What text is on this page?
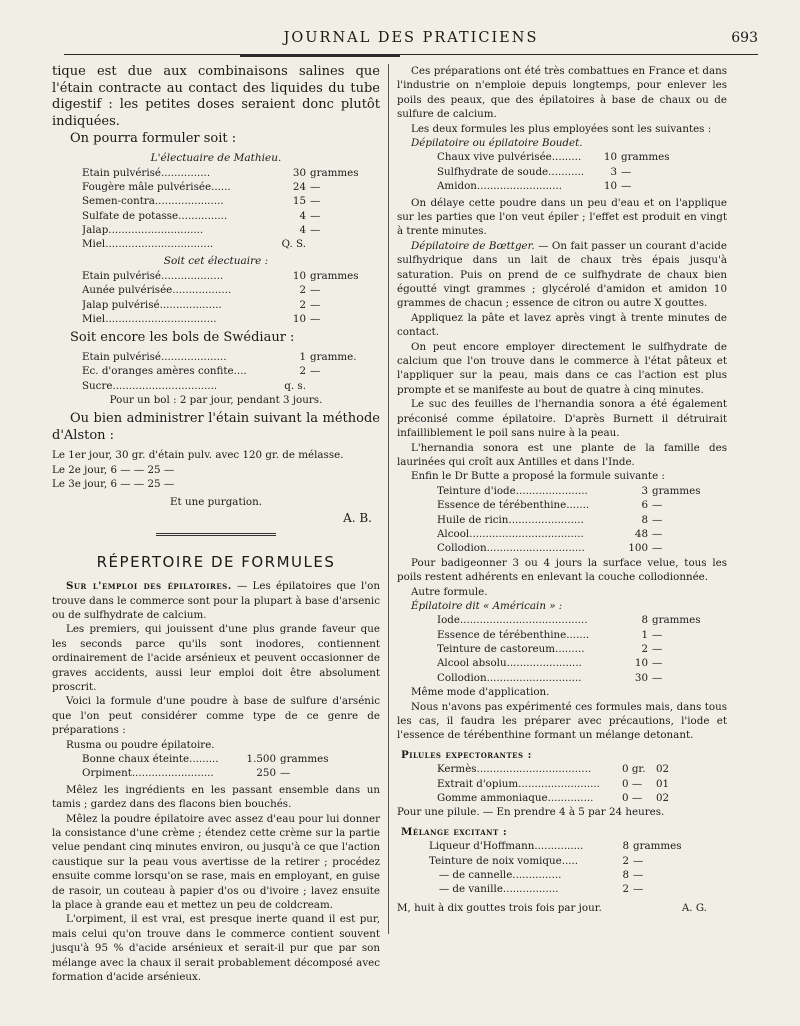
JOURNAL DES PRATICIENS	693

tique est due aux combinaisons salines que l'étain contracte au contact des liquides du tube digestif : les petites doses seraient donc plutôt indiquées.

On pourra formuler soit :

L'électuaire de Mathieu.

Etain pulvérisé...............	30 grammes
Fougère mâle pulvérisée......	24 —
Semen-contra.....................	15 —
Sulfate de potasse...............	4 —
Jalap.............................	4 —
Miel.................................	Q. S.

Soit cet électuaire :

Etain pulvérisé...................	10 grammes
Aunée pulvérisée..................	2 —
Jalap pulvérisé...................	2 —
Miel..................................	10 —

Soit encore les bols de Swédiaur :

Etain pulvérisé....................	1 gramme.
Ec. d'oranges amères confite....	2 —
Sucre................................	q. s.

Pour un bol : 2 par jour, pendant 3 jours.

Ou bien administrer l'étain suivant la méthode d'Alston :

Le 1er jour, 30 gr. d'étain pulv. avec 120 gr. de mélasse.

Le 2e jour, 6 — — 25 —

Le 3e jour, 6 — — 25 —

Et une purgation.

A. B.

RÉPERTOIRE DE FORMULES

Sur l'emploi des épilatoires. — Les épilatoires que l'on trouve dans le commerce sont pour la plupart à base d'arsenic ou de sulfhydrate de calcium.

Les premiers, qui jouissent d'une plus grande faveur que les seconds parce qu'ils sont inodores, contiennent ordinairement de l'acide arsénieux et peuvent occasionner de graves accidents, aussi leur emploi doit être absolument proscrit.

Voici la formule d'une poudre à base de sulfure d'arsénic que l'on peut considérer comme type de ce genre de préparations :

Rusma ou poudre épilatoire.

Bonne chaux éteinte.........	1.500 grammes
Orpiment.........................	250 —

Mêlez les ingrédients en les passant ensemble dans un tamis ; gardez dans des flacons bien bouchés.

Mêlez la poudre épilatoire avec assez d'eau pour lui donner la consistance d'une crème ; étendez cette crème sur la partie velue pendant cinq minutes environ, ou jusqu'à ce que l'action caustique sur la peau vous avertisse de la retirer ; procédez ensuite comme lorsqu'on se rase, mais en employant, en guise de rasoir, un couteau à papier d'os ou d'ivoire ; lavez ensuite la place à grande eau et mettez un peu de coldcream.

L'orpiment, il est vrai, est presque inerte quand il est pur, mais celui qu'on trouve dans le commerce contient souvent jusqu'à 95 % d'acide arsénieux et serait-il pur que par son mélange avec la chaux il serait probablement décomposé avec formation d'acide arsénieux.

Ces préparations ont été très combattues en France et dans l'industrie on n'emploie depuis longtemps, pour enlever les poils des peaux, que des épilatoires à base de chaux ou de sulfure de calcium.

Les deux formules les plus employées sont les suivantes :

Dépilatoire ou épilatoire Boudet.

Chaux vive pulvérisée.........	10 grammes
Sulfhydrate de soude...........	3 —
Amidon..........................	10 —

On délaye cette poudre dans un peu d'eau et on l'applique sur les parties que l'on veut épiler ; l'effet est produit en vingt à trente minutes.

Dépilatoire de Bœttger. — On fait passer un courant d'acide sulfhydrique dans un lait de chaux très épais jusqu'à saturation. Puis on prend de ce sulfhydrate de chaux bien égoutté vingt grammes ; glycérolé d'amidon et amidon 10 grammes de chacun ; essence de citron ou autre X gouttes.

Appliquez la pâte et lavez après vingt à trente minutes de contact.

On peut encore employer directement le sulfhydrate de calcium que l'on trouve dans le commerce à l'état pâteux et l'appliquer sur la peau, mais dans ce cas l'action est plus prompte et se manifeste au bout de quatre à cinq minutes.

Le suc des feuilles de l'hernandia sonora a été également préconisé comme épilatoire. D'après Burnett il détruirait infailliblement le poil sans nuire à la peau.

L'hernandia sonora est une plante de la famille des laurinées qui croît aux Antilles et dans l'Inde.

Enfin le Dr Butte a proposé la formule suivante :

Teinture d'iode......................	3 grammes
Essence de térébenthine.......	6 —
Huile de ricin.......................	8 —
Alcool...................................	48 —
Collodion..............................	100 —

Pour badigeonner 3 ou 4 jours la surface velue, tous les poils restent adhérents en enlevant la couche collodionnée.

Autre formule.

Épilatoire dit « Américain » :

Iode.......................................	8 grammes
Essence de térébenthine.......	1 —
Teinture de castoreum.........	2 —
Alcool absolu.......................	10 —
Collodion.............................	30 —

Même mode d'application.

Nous n'avons pas expérimenté ces formules mais, dans tous les cas, il faudra les préparer avec précautions, l'iode et l'essence de térébenthine formant un mélange detonant.

Pilules expectorantes :

Kermès...................................	0 gr.	02
Extrait d'opium.........................	0 —	01
Gomme ammoniaque..............	0 —	02

Pour une pilule. — En prendre 4 à 5 par 24 heures.

Mélange excitant :

Liqueur d'Hoffmann...............	8 grammes
Teinture de noix vomique.....	2 —
— de cannelle...............	8 —
— de vanille.................	2 —
M, huit à dix gouttes trois fois par jour.	A. G.
